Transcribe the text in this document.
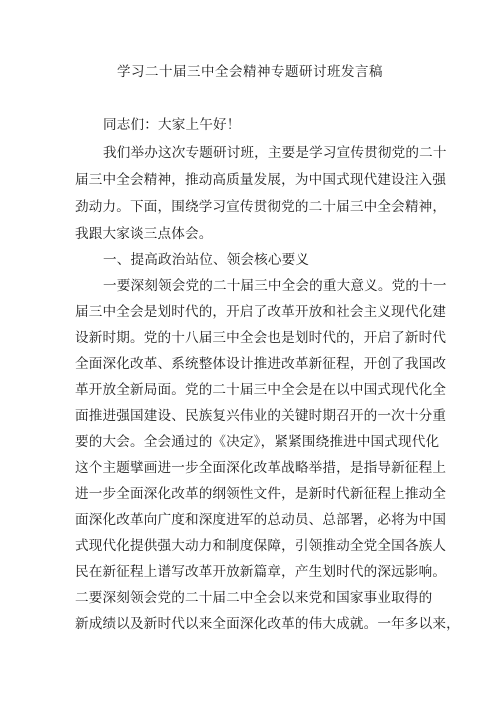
学习二十届三中全会精神专题研讨班发言稿
同志们：大家上午好！
我们举办这次专题研讨班，主要是学习宣传贯彻党的二十
届三中全会精神，推动高质量发展，为中国式现代建设注入强
劲动力。下面，围绕学习宣传贯彻党的二十届三中全会精神，
我跟大家谈三点体会。
一、提高政治站位、领会核心要义
一要深刻领会党的二十届三中全会的重大意义。党的十一
届三中全会是划时代的，开启了改革开放和社会主义现代化建
设新时期。党的十八届三中全会也是划时代的，开启了新时代
全面深化改革、系统整体设计推进改革新征程，开创了我国改
革开放全新局面。党的二十届三中全会是在以中国式现代化全
面推进强国建设、民族复兴伟业的关键时期召开的一次十分重
要的大会。全会通过的《决定》，紧紧围绕推进中国式现代化
这个主题擘画进一步全面深化改革战略举措，是指导新征程上
进一步全面深化改革的纲领性文件，是新时代新征程上推动全
面深化改革向广度和深度进军的总动员、总部署，必将为中国
式现代化提供强大动力和制度保障，引领推动全党全国各族人
民在新征程上谱写改革开放新篇章，产生划时代的深远影响。
二要深刻领会党的二十届二中全会以来党和国家事业取得的
新成绩以及新时代以来全面深化改革的伟大成就。一年多以来，
